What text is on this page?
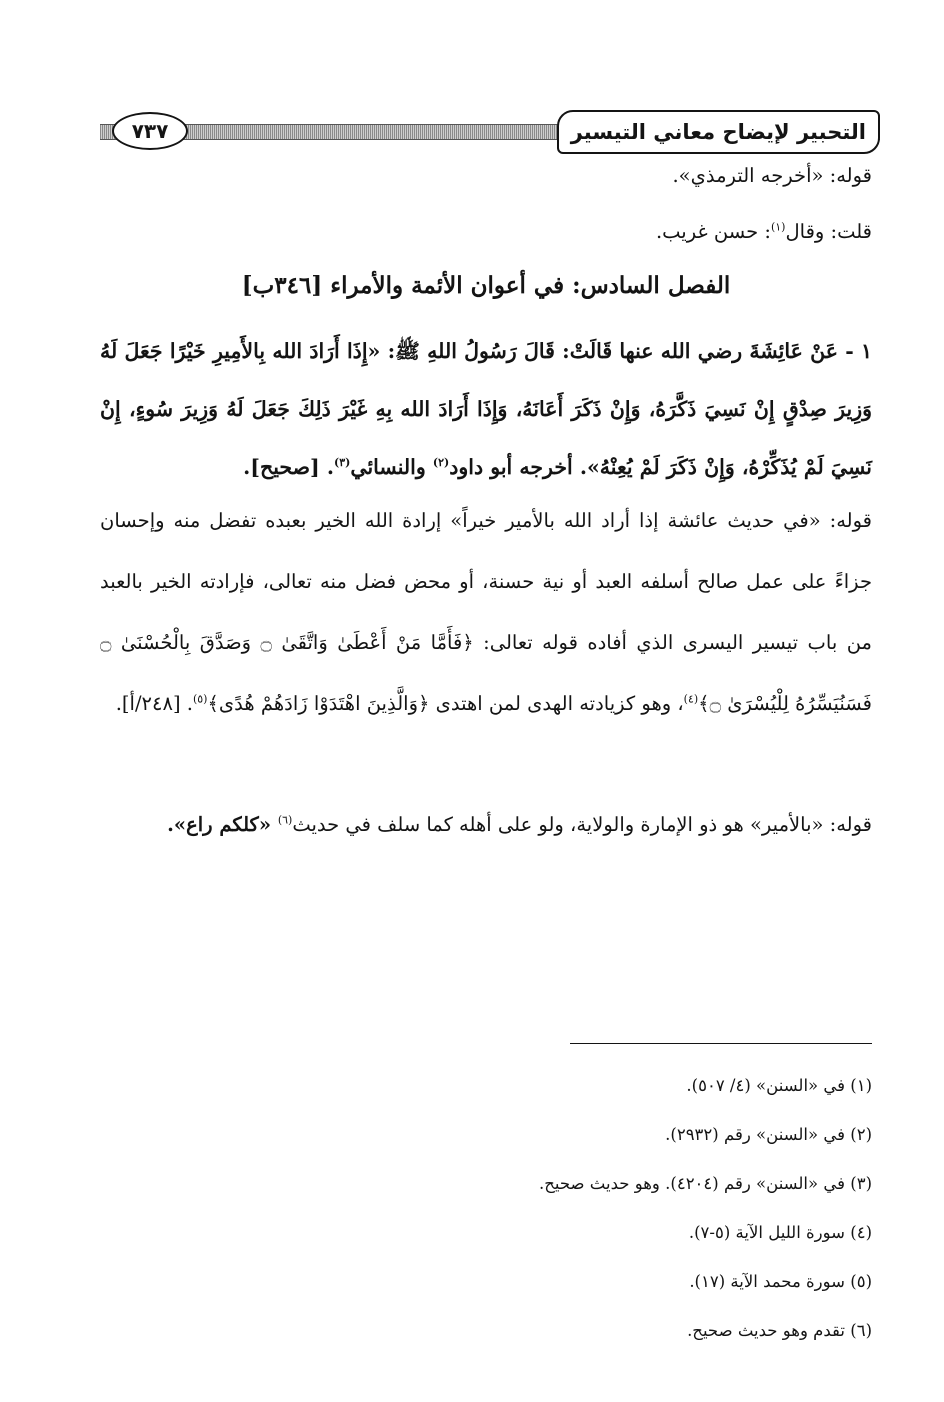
التحبير لإيضاح معاني التيسير
٧٣٧
قوله: «أخرجه الترمذي».
قلت: وقال$^{(١)}$: حسن غريب.
الفصل السادس: في أعوان الأئمة والأمراء [٣٤٦ب]
١ - عَنْ عَائِشَةَ رضي الله عنها قَالَتْ: قَالَ رَسُولُ اللهِ ﷺ: «إِذَا أَرَادَ الله بِالأَمِيرِ خَيْرًا جَعَلَ لَهُ وَزِيرَ صِدْقٍ إِنْ نَسِيَ ذَكَّرَهُ، وَإِنْ ذَكَرَ أَعَانَهُ، وَإِذَا أَرَادَ الله بِهِ غَيْرَ ذَلِكَ جَعَلَ لَهُ وَزِيرَ سُوءٍ، إِنْ نَسِيَ لَمْ يُذَكِّرْهُ، وَإِنْ ذَكَرَ لَمْ يُعِنْهُ». أخرجه أبو داود$^{(٢)}$ والنسائي$^{(٣)}$. [صحيح].
قوله: «في حديث عائشة إذا أراد الله بالأمير خيراً» إرادة الله الخير بعبده تفضل منه وإحسان جزاءً على عمل صالح أسلفه العبد أو نية حسنة، أو محض فضل منه تعالى، فإرادته الخير بالعبد من باب تيسير اليسرى الذي أفاده قوله تعالى: ﴿فَأَمَّا مَنْ أَعْطَىٰ وَاتَّقَىٰ ۝ وَصَدَّقَ بِالْحُسْنَىٰ ۝ فَسَنُيَسِّرُهُ لِلْيُسْرَىٰ ۝﴾$^{(٤)}$، وهو كزيادته الهدى لمن اهتدى ﴿وَالَّذِينَ اهْتَدَوْا زَادَهُمْ هُدًى﴾$^{(٥)}$. [٢٤٨/أ].
قوله: «بالأمير» هو ذو الإمارة والولاية، ولو على أهله كما سلف في حديث$^{(٦)}$ «كلكم راع».
(١) في «السنن» (٤/ ٥٠٧).
(٢) في «السنن» رقم (٢٩٣٢).
(٣) في «السنن» رقم (٤٢٠٤). وهو حديث صحيح.
(٤) سورة الليل الآية (٥-٧).
(٥) سورة محمد الآية (١٧).
(٦) تقدم وهو حديث صحيح.
